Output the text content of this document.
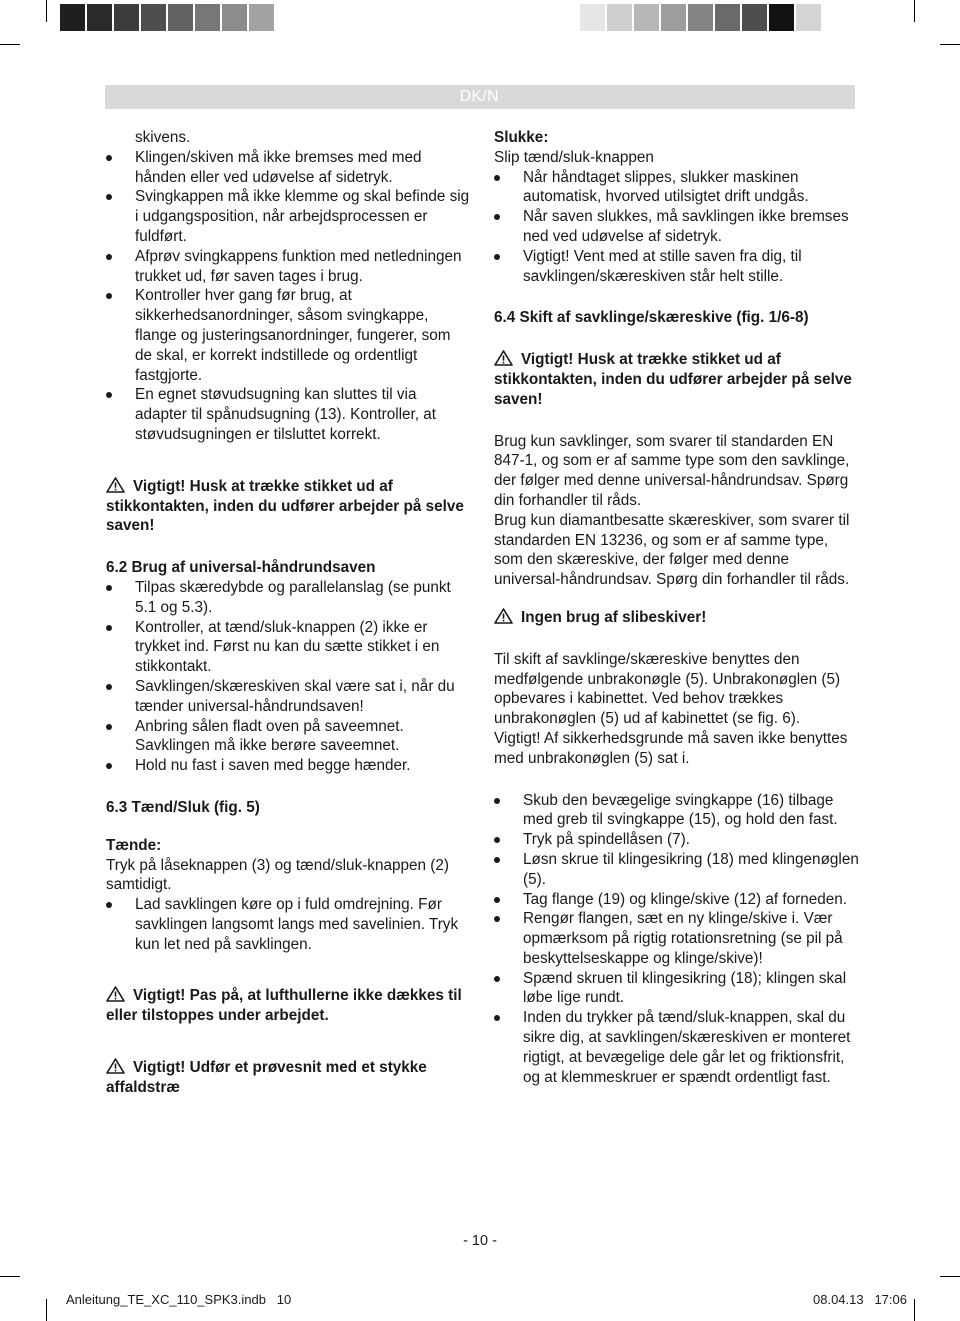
DK/N

skivens.

Klingen/skiven må ikke bremses med med hånden eller ved udøvelse af sidetryk.
Svingkappen må ikke klemme og skal befinde sig i udgangsposition, når arbejdsprocessen er fuldført.
Afprøv svingkappens funktion med netledningen trukket ud, før saven tages i brug.
Kontroller hver gang før brug, at sikkerhedsanordninger, såsom svingkappe, flange og justeringsanordninger, fungerer, som de skal, er korrekt indstillede og ordentligt fastgjorte.
En egnet støvudsugning kan sluttes til via adapter til spånudsugning (13). Kontroller, at støvudsugningen er tilsluttet korrekt.
Vigtigt! Husk at trække stikket ud af stikkontakten, inden du udfører arbejder på selve saven!

6.2 Brug af universal-håndrundsaven

Tilpas skæredybde og parallelanslag (se punkt 5.1 og 5.3).
Kontroller, at tænd/sluk-knappen (2) ikke er trykket ind. Først nu kan du sætte stikket i en stikkontakt.
Savklingen/skæreskiven skal være sat i, når du tænder universal-håndrundsaven!
Anbring sålen fladt oven på saveemnet. Savklingen må ikke berøre saveemnet.
Hold nu fast i saven med begge hænder.

6.3 Tænd/Sluk (fig. 5)

Tænde:

Tryk på låseknappen (3) og tænd/sluk-knappen (2) samtidigt.

Lad savklingen køre op i fuld omdrejning. Før savklingen langsomt langs med savelinien. Tryk kun let ned på savklingen.
Vigtigt! Pas på, at lufthullerne ikke dækkes til eller tilstoppes under arbejdet.
Vigtigt! Udfør et prøvesnit med et stykke affaldstræ

Slukke:

Slip tænd/sluk-knappen

Når håndtaget slippes, slukker maskinen automatisk, hvorved utilsigtet drift undgås.
Når saven slukkes, må savklingen ikke bremses ned ved udøvelse af sidetryk.
Vigtigt! Vent med at stille saven fra dig, til savklingen/skæreskiven står helt stille.

6.4 Skift af savklinge/skæreskive (fig. 1/6-8)

Vigtigt! Husk at trække stikket ud af stikkontakten, inden du udfører arbejder på selve saven!

Brug kun savklinger, som svarer til standarden EN 847-1, og som er af samme type som den savklinge, der følger med denne universal-håndrundsav. Spørg din forhandler til råds.

Brug kun diamantbesatte skæreskiver, som svarer til standarden EN 13236, og som er af samme type, som den skæreskive, der følger med denne universal-håndrundsav. Spørg din forhandler til råds.

Ingen brug af slibeskiver!

Til skift af savklinge/skæreskive benyttes den medfølgende unbrakonøgle (5). Unbrakonøglen (5) opbevares i kabinettet. Ved behov trækkes unbrakonøglen (5) ud af kabinettet (se fig. 6).

Vigtigt! Af sikkerhedsgrunde må saven ikke benyttes med unbrakonøglen (5) sat i.

Skub den bevægelige svingkappe (16) tilbage med greb til svingkappe (15), og hold den fast.
Tryk på spindellåsen (7).
Løsn skrue til klingesikring (18) med klingenøglen (5).
Tag flange (19) og klinge/skive (12) af forneden.
Rengør flangen, sæt en ny klinge/skive i. Vær opmærksom på rigtig rotationsretning (se pil på beskyttelseskappe og klinge/skive)!
Spænd skruen til klingesikring (18); klingen skal løbe lige rundt.
Inden du trykker på tænd/sluk-knappen, skal du sikre dig, at savklingen/skæreskiven er monteret rigtigt, at bevægelige dele går let og friktionsfrit, og at klemmeskruer er spændt ordentligt fast.
- 10 -
Anleitung_TE_XC_110_SPK3.indb   10	08.04.13   17:06
